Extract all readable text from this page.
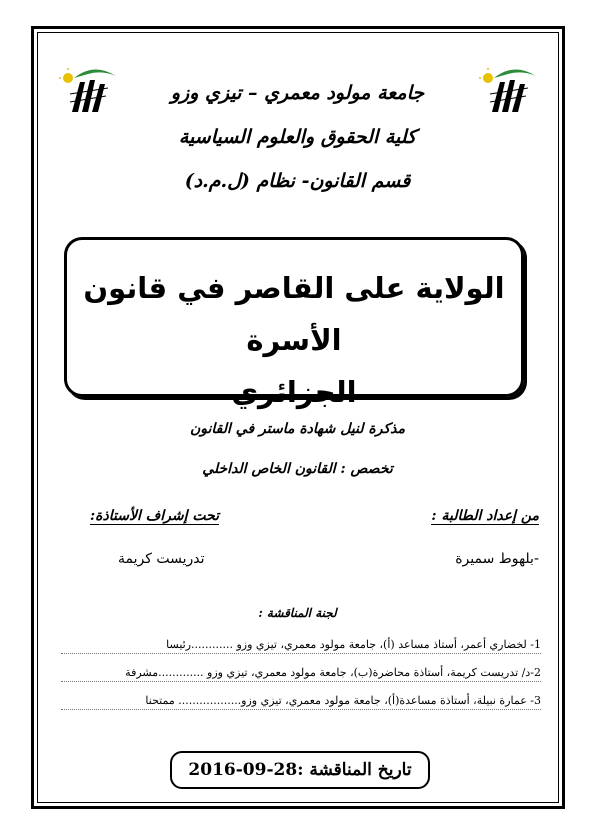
جامعة مولود معمري – تيزي وزو
كلية الحقوق والعلوم السياسية
قسم القانون- نظام (ل.م.د)
الولاية على القاصر في قانون الأسرة
الجزائري
مذكرة لنيل شهادة ماستر في القانون
تخصص : القانون الخاص الداخلي
من إعداد الطالبة :
تحت إشراف الأستاذة:
-بلهوط سميرة
تدريست كريمة
لجنة المناقشة :
1- لخضاري أعمر، أستاذ مساعد (أ)، جامعة مولود معمري، تيزي وزو ............رئيسا
2-د/ تدريست كريمة، أستاذة محاضرة(ب)، جامعة مولود معمري، تيزي وزو .............مشرفة
3- عمارة نبيلة، أستاذة مساعدة(أ)، جامعة مولود معمري، تيزي وزو.................. ممتحنا
تاريخ المناقشة :28-09-2016
